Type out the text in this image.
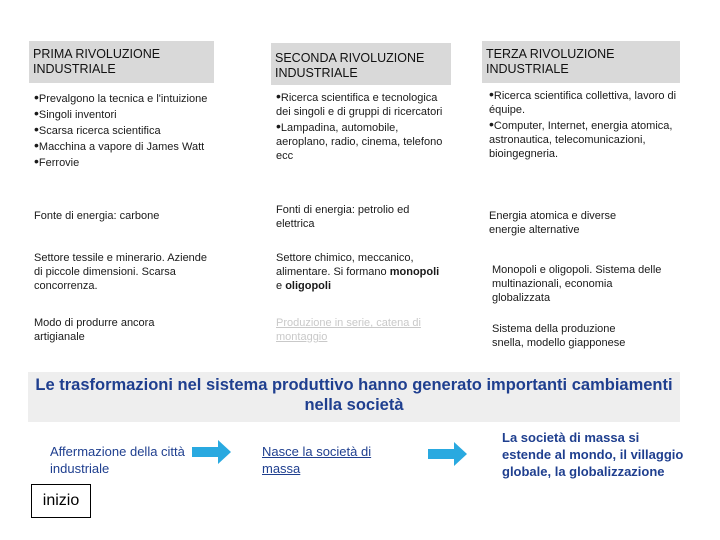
PRIMA RIVOLUZIONE INDUSTRIALE
SECONDA RIVOLUZIONE INDUSTRIALE
TERZA RIVOLUZIONE INDUSTRIALE
• Prevalgono la tecnica e l'intuizione
• Singoli inventori
• Scarsa ricerca scientifica
• Macchina a vapore di James Watt
• Ferrovie
• Ricerca scientifica e tecnologica dei singoli e di gruppi di ricercatori
• Lampadina, automobile, aeroplano, radio, cinema, telefono ecc
• Ricerca scientifica collettiva, lavoro di équipe.
• Computer, Internet, energia atomica, astronautica, telecomunicazioni, bioingegneria.
Fonte di energia: carbone	Fonti di energia: petrolio ed elettrica
Energia atomica e diverse energie alternative
Settore tessile e minerario. Aziende di piccole dimensioni. Scarsa concorrenza.
Settore chimico, meccanico, alimentare. Si formano monopoli e oligopoli
Monopoli e oligopoli. Sistema delle multinazionali, economia globalizzata
Modo di produrre ancora artigianale
Produzione in serie, catena di montaggio
Sistema della produzione snella, modello giapponese
Le trasformazioni nel sistema produttivo hanno generato importanti cambiamenti nella società
Affermazione della città industriale
Nasce la società di massa
La società di massa si estende al mondo, il villaggio globale, la globalizzazione
inizio
